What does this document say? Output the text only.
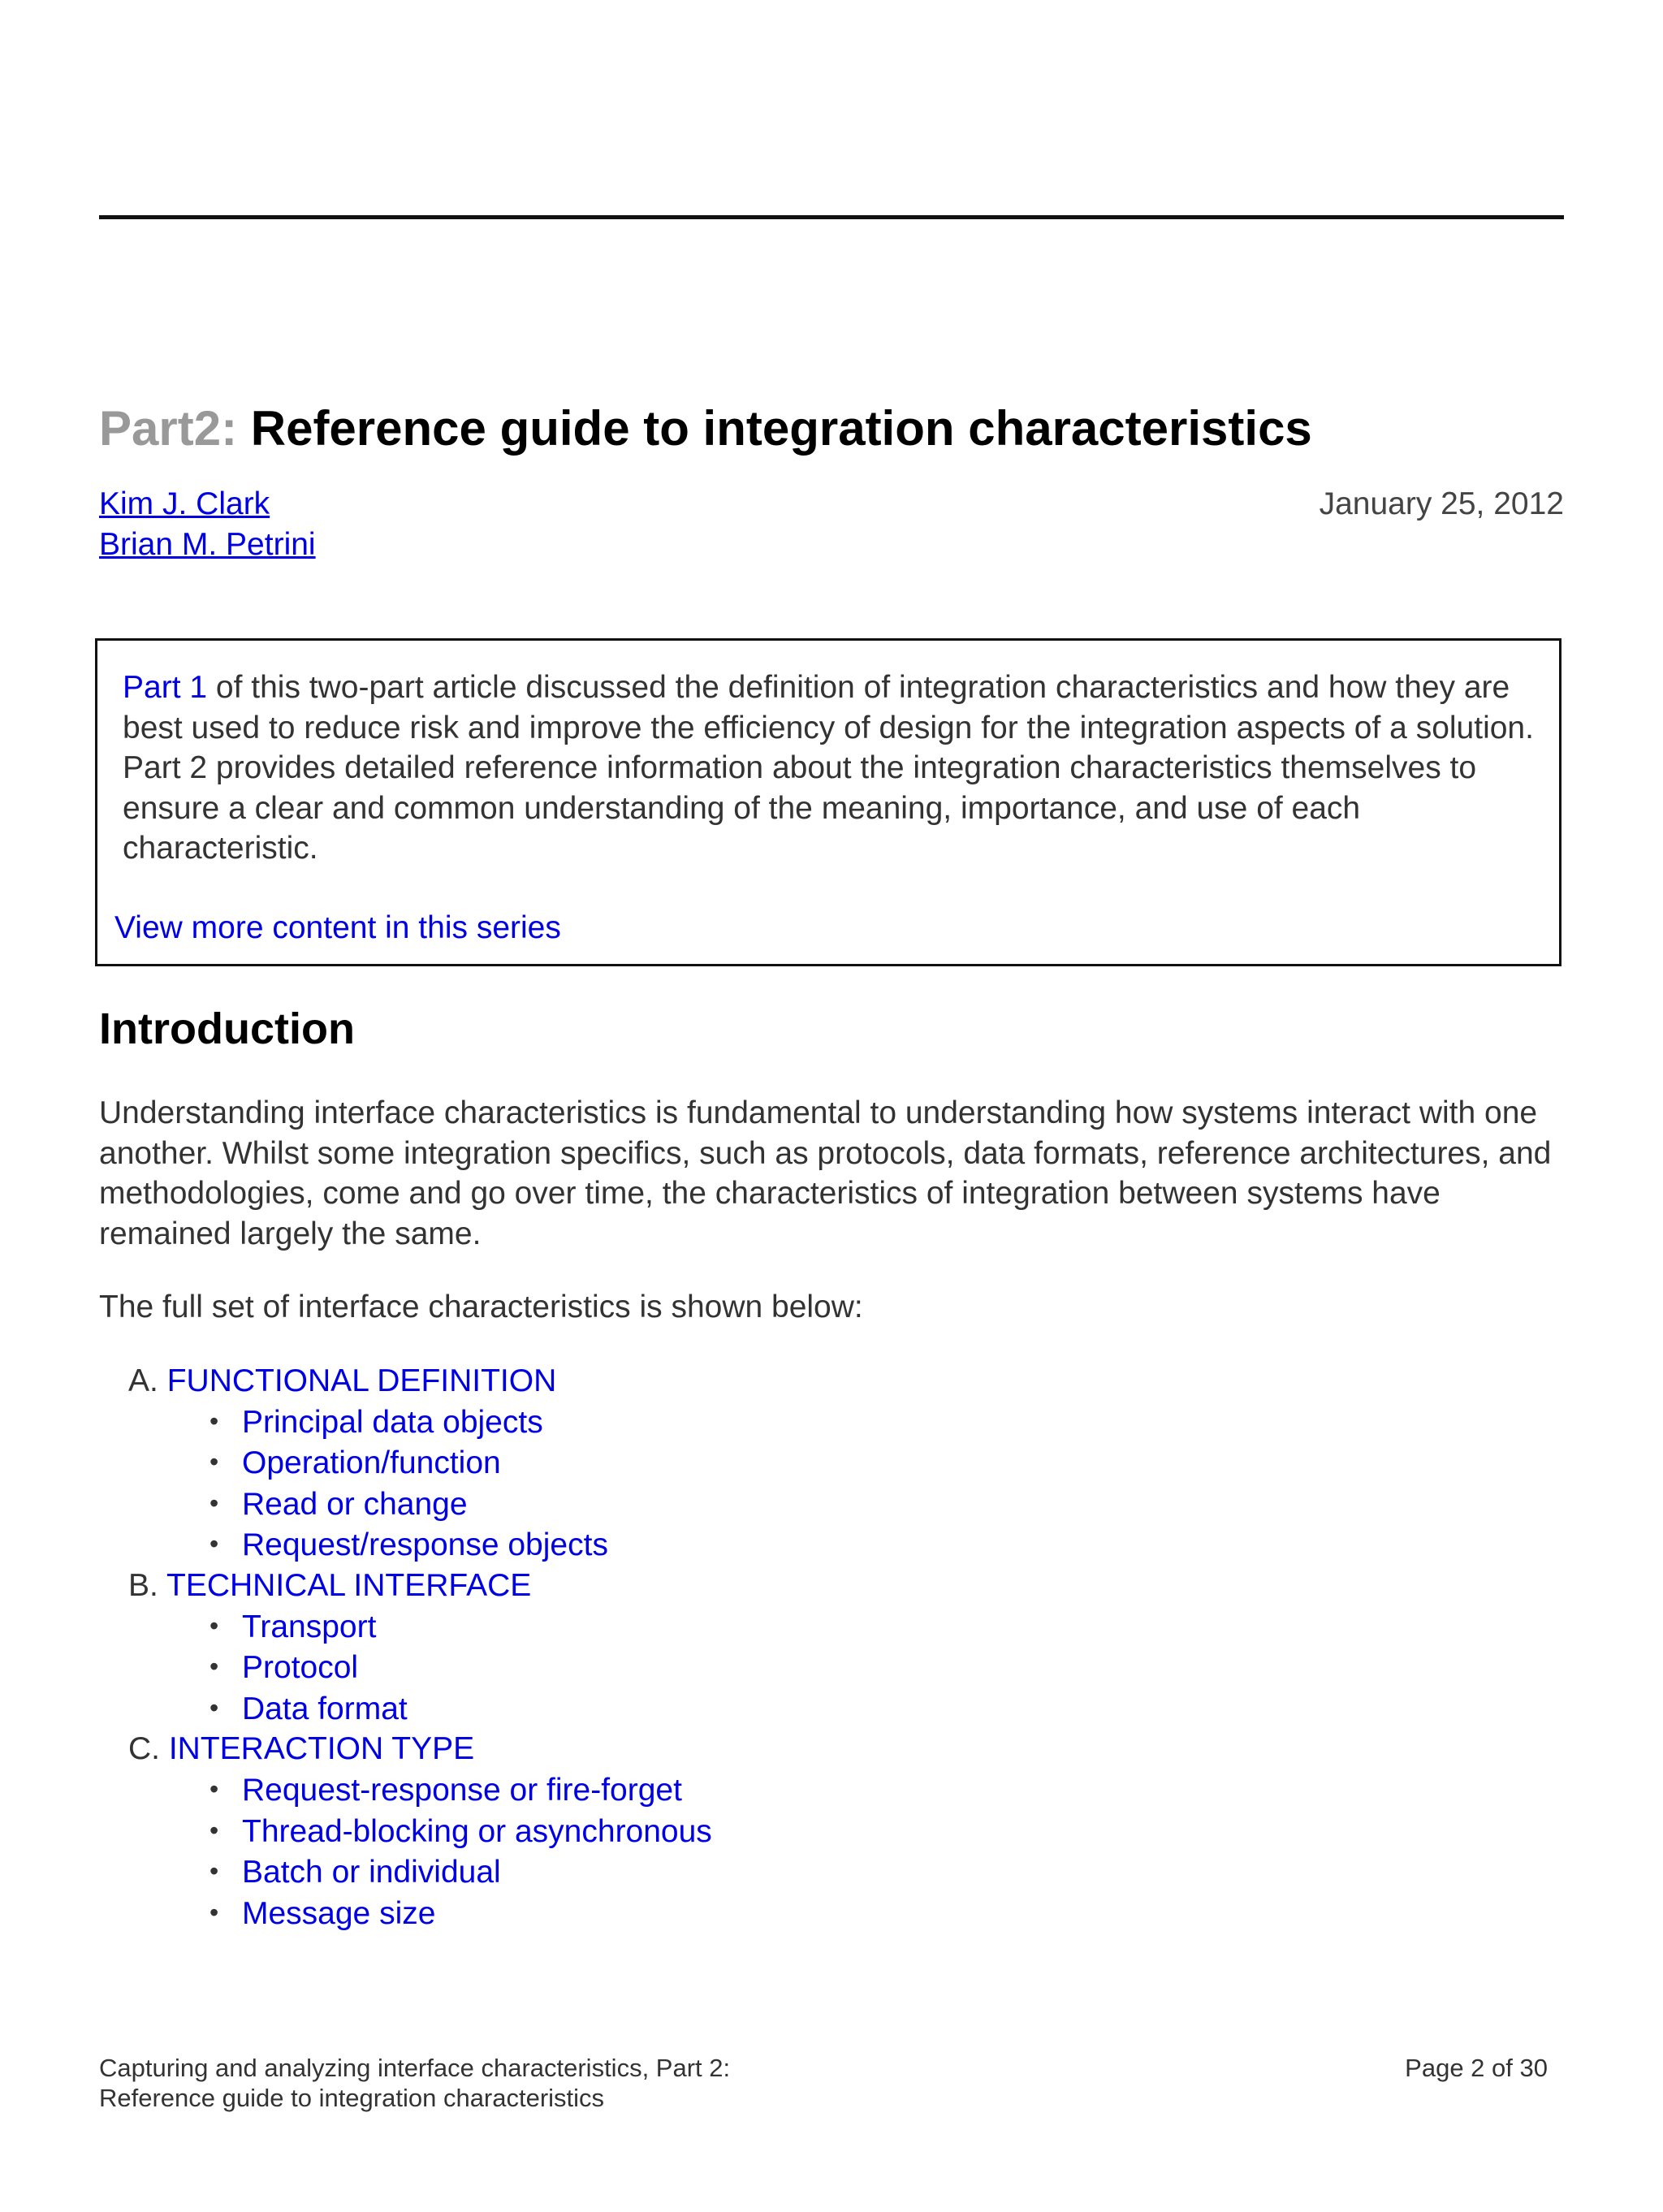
Part2: Reference guide to integration characteristics
Kim J. Clark
Brian M. Petrini
January 25, 2012

Part 1 of this two-part article discussed the definition of integration characteristics and how they are best used to reduce risk and improve the efficiency of design for the integration aspects of a solution. Part 2 provides detailed reference information about the integration characteristics themselves to ensure a clear and common understanding of the meaning, importance, and use of each characteristic.

View more content in this series
Introduction

Understanding interface characteristics is fundamental to understanding how systems interact with one another. Whilst some integration specifics, such as protocols, data formats, reference architectures, and methodologies, come and go over time, the characteristics of integration between systems have remained largely the same.

The full set of interface characteristics is shown below:

A. FUNCTIONAL DEFINITION
• Principal data objects
• Operation/function
• Read or change
• Request/response objects
B. TECHNICAL INTERFACE
• Transport
• Protocol
• Data format
C. INTERACTION TYPE
• Request-response or fire-forget
• Thread-blocking or asynchronous
• Batch or individual
• Message size
Capturing and analyzing interface characteristics, Part 2:
Reference guide to integration characteristics
Page 2 of 30
